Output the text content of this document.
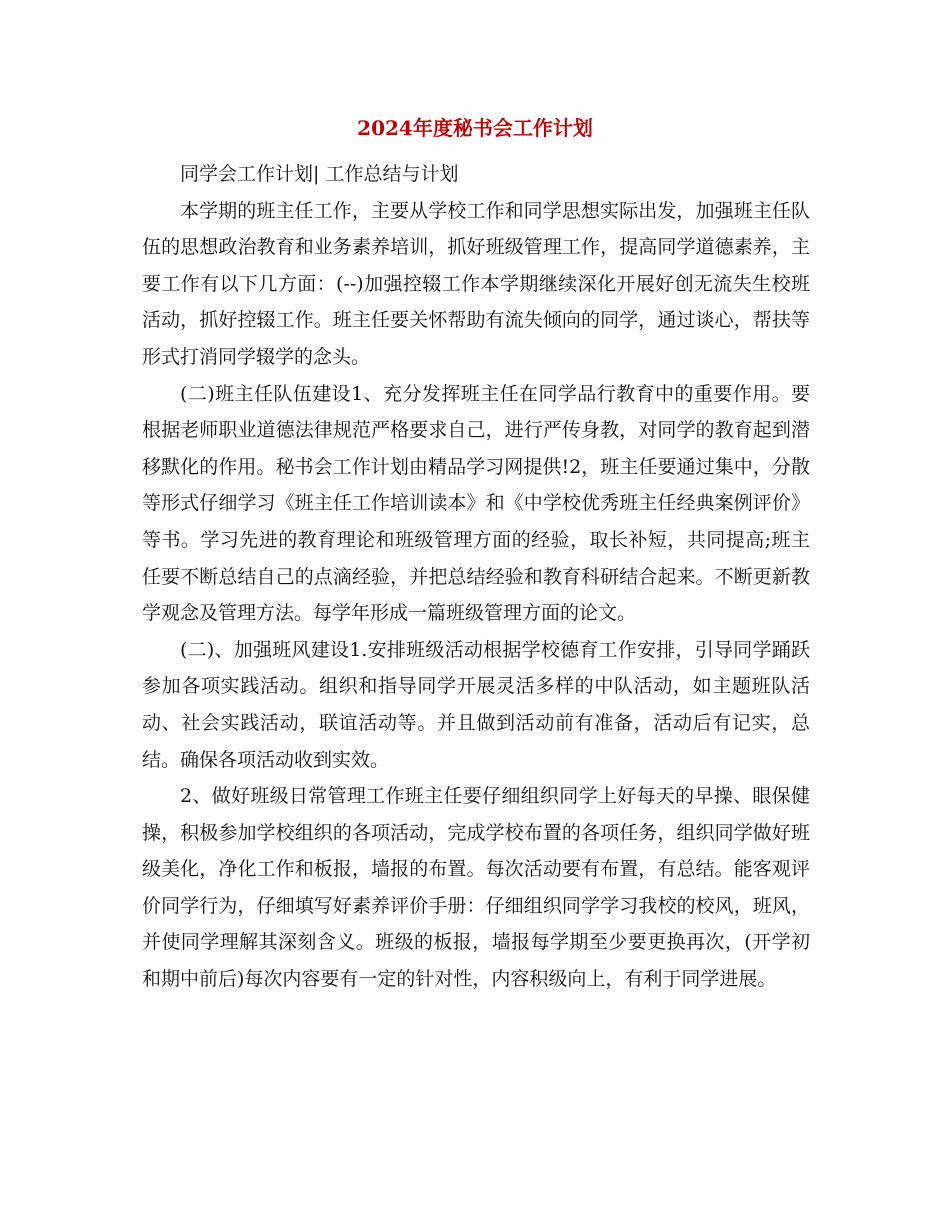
2024年度秘书会工作计划

同学会工作计划| 工作总结与计划

本学期的班主任工作，主要从学校工作和同学思想实际出发，加强班主任队伍的思想政治教育和业务素养培训，抓好班级管理工作，提高同学道德素养，主要工作有以下几方面：(--)加强控辍工作本学期继续深化开展好创无流失生校班活动，抓好控辍工作。班主任要关怀帮助有流失倾向的同学，通过谈心，帮扶等形式打消同学辍学的念头。

(二)班主任队伍建设1、充分发挥班主任在同学品行教育中的重要作用。要根据老师职业道德法律规范严格要求自己，进行严传身教，对同学的教育起到潜移默化的作用。秘书会工作计划由精品学习网提供!2，班主任要通过集中，分散等形式仔细学习《班主任工作培训读本》和《中学校优秀班主任经典案例评价》等书。学习先进的教育理论和班级管理方面的经验，取长补短，共同提高;班主任要不断总结自己的点滴经验，并把总结经验和教育科研结合起来。不断更新教学观念及管理方法。每学年形成一篇班级管理方面的论文。

(二)、加强班风建设1.安排班级活动根据学校德育工作安排，引导同学踊跃参加各项实践活动。组织和指导同学开展灵活多样的中队活动，如主题班队活动、社会实践活动，联谊活动等。并且做到活动前有准备，活动后有记实，总结。确保各项活动收到实效。

2、做好班级日常管理工作班主任要仔细组织同学上好每天的早操、眼保健操，积极参加学校组织的各项活动，完成学校布置的各项任务，组织同学做好班级美化，净化工作和板报，墙报的布置。每次活动要有布置，有总结。能客观评价同学行为，仔细填写好素养评价手册：仔细组织同学学习我校的校风，班风，并使同学理解其深刻含义。班级的板报，墙报每学期至少要更换再次，(开学初和期中前后)每次内容要有一定的针对性，内容积级向上，有利于同学进展。
